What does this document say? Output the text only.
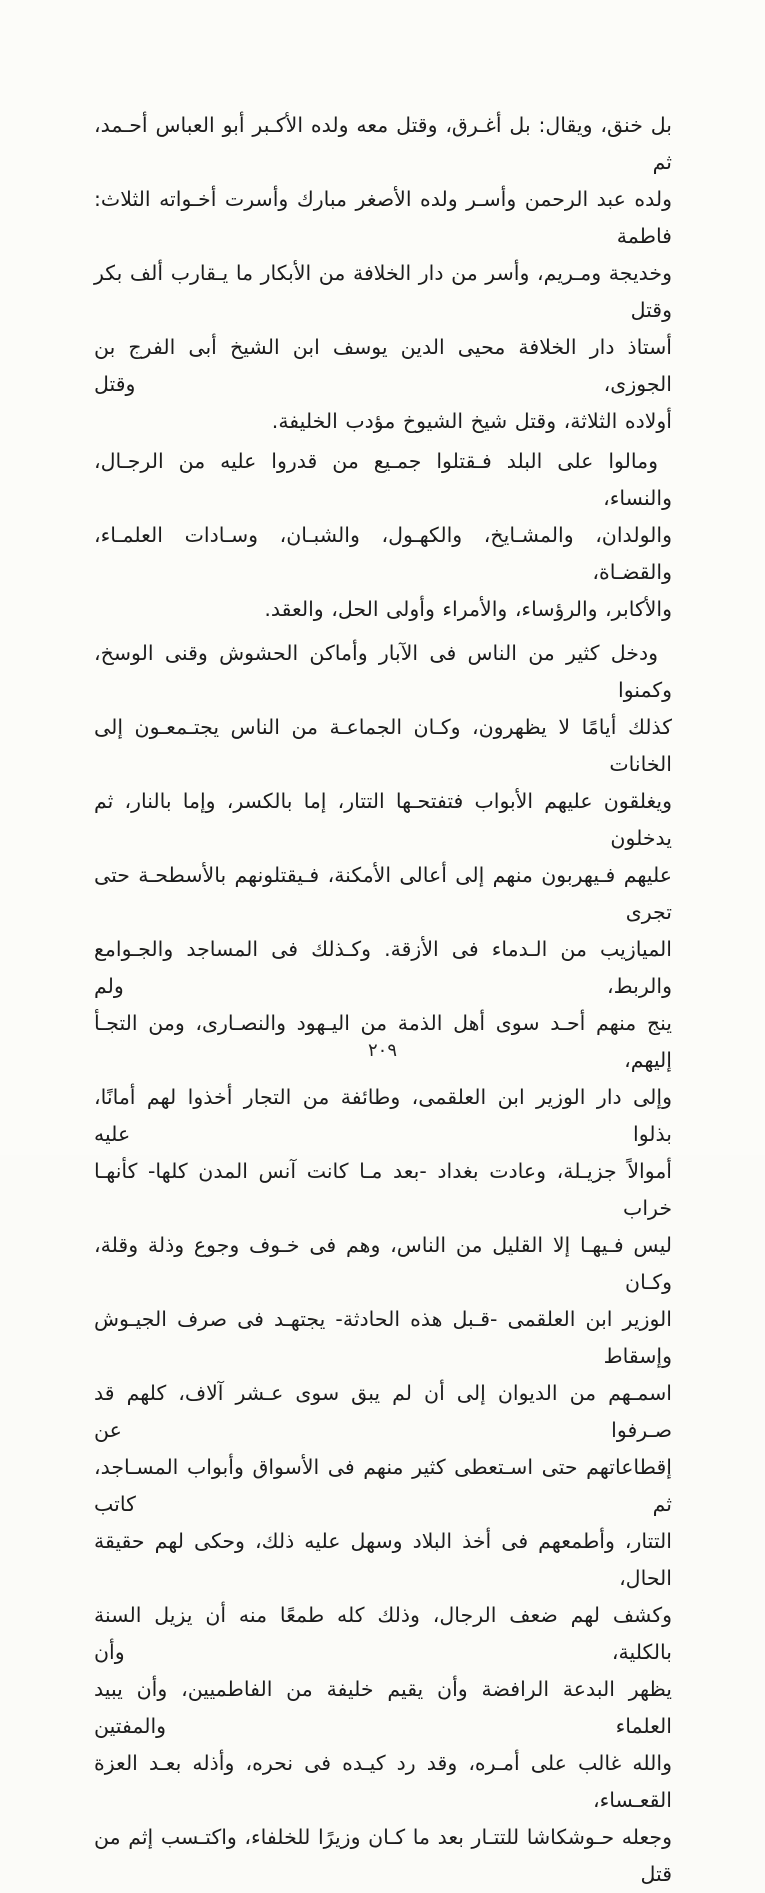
بل خنق، ويقال: بل أغـرق، وقتل معه ولده الأكـبر أبو العباس أحـمد، ثم
ولده عبد الرحمن وأسـر ولده الأصغر مبارك وأسرت أخـواته الثلاث: فاطمة
وخديجة ومـريم، وأسر من دار الخلافة من الأبكار ما يـقارب ألف بكر وقتل
أستاذ دار الخلافة محيى الدين يوسف ابن الشيخ أبى الفرج بن الجوزى، وقتل
أولاده الثلاثة، وقتل شيخ الشيوخ مؤدب الخليفة.
ومالوا على البلد فـقتلوا جمـيع من قدروا عليه من الرجـال، والنساء،
والولدان، والمشـايخ، والكهـول، والشبـان، وسـادات العلمـاء، والقضـاة،
والأكابر، والرؤساء، والأمراء وأولى الحل، والعقد.
ودخل كثير من الناس فى الآبار وأماكن الحشوش وقنى الوسخ، وكمنوا
كذلك أيامًا لا يظهرون، وكـان الجماعـة من الناس يجتـمعـون إلى الخانات
ويغلقون عليهم الأبواب فتفتحـها التتار، إما بالكسر، وإما بالنار، ثم يدخلون
عليهم فـيهربون منهم إلى أعالى الأمكنة، فـيقتلونهم بالأسطحـة حتى تجرى
الميازيب من الـدماء فى الأزقة. وكـذلك فى المساجد والجـوامع والربط، ولم
ينج منهم أحـد سوى أهل الذمة من اليـهود والنصـارى، ومن التجـأ إليهم،
وإلى دار الوزير ابن العلقمى، وطائفة من التجار أخذوا لهم أمانًا، بذلوا عليه
أموالاً جزيـلة، وعادت بغداد -بعد مـا كانت آنس المدن كلها- كأنهـا خراب
ليس فـيهـا إلا القليل من الناس، وهم فى خـوف وجوع وذلة وقلة، وكـان
الوزير ابن العلقمى -قـبل هذه الحادثة- يجتهـد فى صرف الجيـوش وإسقاط
اسمـهم من الديوان إلى أن لم يبق سوى عـشر آلاف، كلهم قد صـرفوا عن
إقطاعاتهم حتى اسـتعطى كثير منهم فى الأسواق وأبواب المسـاجد، ثم كاتب
التتار، وأطمعهم فى أخذ البلاد وسهل عليه ذلك، وحكى لهم حقيقة الحال،
وكشف لهم ضعف الرجال، وذلك كله طمعًا منه أن يزيل السنة بالكلية، وأن
يظهر البدعة الرافضة وأن يقيم خليفة من الفاطميين، وأن يبيد العلماء والمفتين
والله غالب على أمـره، وقد رد كيـده فى نحره، وأذله بعـد العزة القعـساء،
وجعله حـوشكاشا للتتـار بعد ما كـان وزيرًا للخلفاء، واكتـسب إثم من قتل
٢٠٩
